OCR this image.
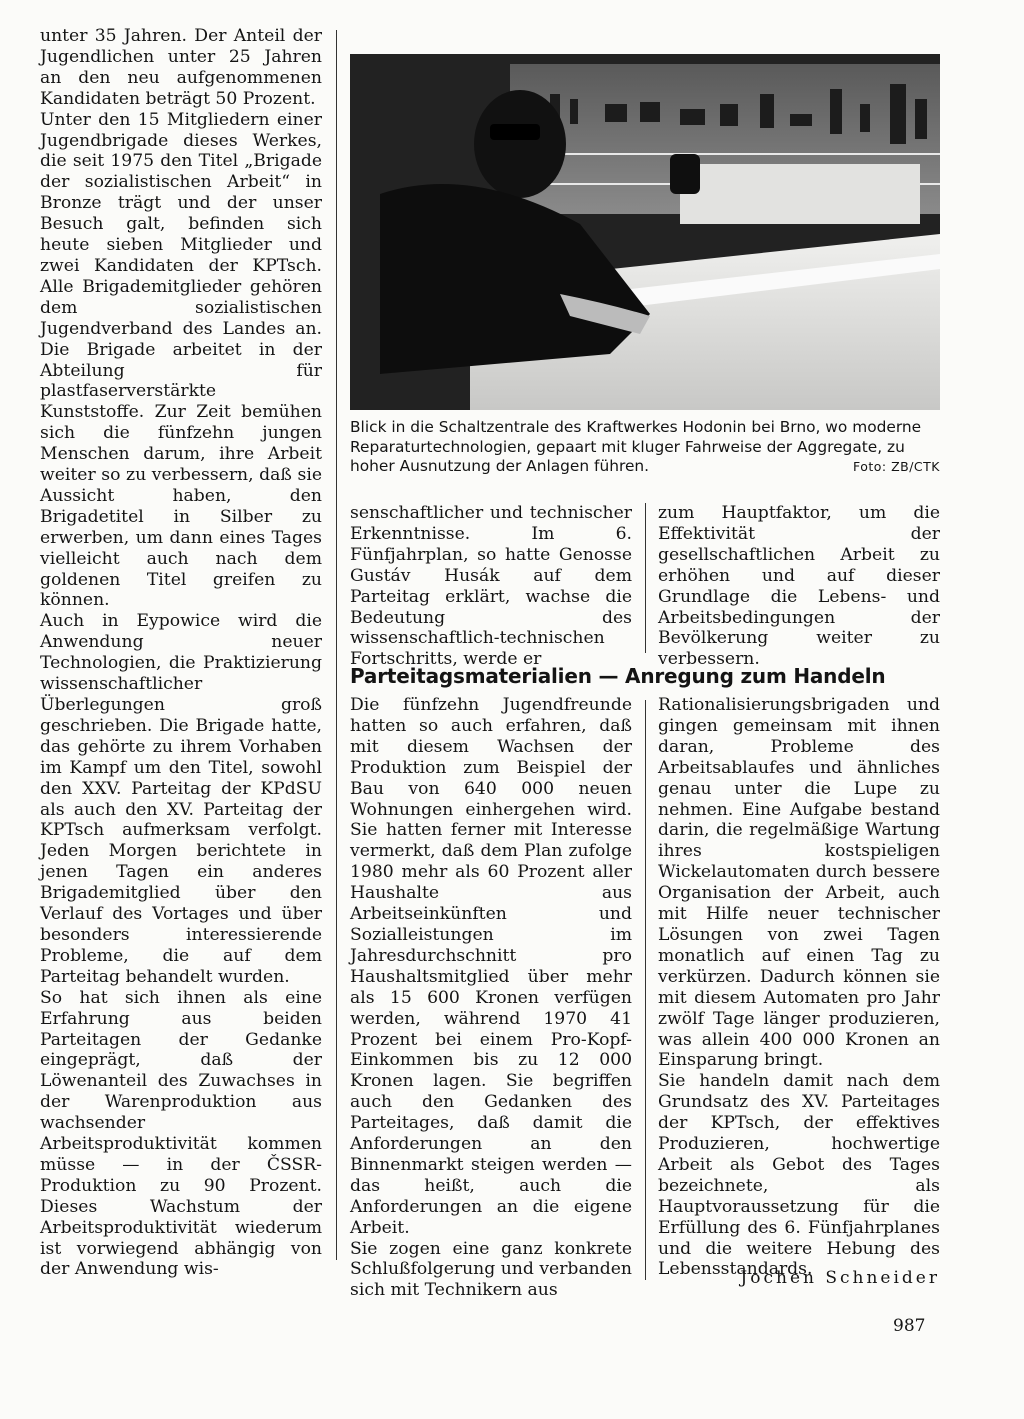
unter 35 Jahren. Der Anteil der Jugendlichen unter 25 Jahren an den neu aufgenommenen Kandidaten beträgt 50 Prozent.

Unter den 15 Mitgliedern einer Jugendbrigade dieses Werkes, die seit 1975 den Titel „Brigade der sozialistischen Arbeit“ in Bronze trägt und der unser Besuch galt, befinden sich heute sieben Mitglieder und zwei Kandidaten der KPTsch. Alle Brigademitglieder gehören dem sozialistischen Jugendverband des Landes an. Die Brigade arbeitet in der Abteilung für plastfaserverstärkte Kunststoffe. Zur Zeit bemühen sich die fünfzehn jungen Menschen darum, ihre Arbeit weiter so zu verbessern, daß sie Aussicht haben, den Brigadetitel in Silber zu erwerben, um dann eines Tages vielleicht auch nach dem goldenen Titel greifen zu können.

Auch in Eypowice wird die Anwendung neuer Technologien, die Praktizierung wissenschaftlicher Überlegungen groß geschrieben. Die Brigade hatte, das gehörte zu ihrem Vorhaben im Kampf um den Titel, sowohl den XXV. Parteitag der KPdSU als auch den XV. Parteitag der KPTsch aufmerksam verfolgt. Jeden Morgen berichtete in jenen Tagen ein anderes Brigademitglied über den Verlauf des Vortages und über besonders interessierende Probleme, die auf dem Parteitag behandelt wurden.

So hat sich ihnen als eine Erfahrung aus beiden Parteitagen der Gedanke eingeprägt, daß der Löwenanteil des Zuwachses in der Warenproduktion aus wachsender Arbeitsproduktivität kommen müsse — in der ČSSR-Produktion zu 90 Prozent. Dieses Wachstum der Arbeitsproduktivität wiederum ist vorwiegend abhängig von der Anwendung wis-

Blick in die Schaltzentrale des Kraftwerkes Hodonin bei Brno, wo moderne Reparaturtechnologien, gepaart mit kluger Fahrweise der Aggregate, zu hoher Ausnutzung der Anlagen führen.	Foto: ZB/CTK

senschaftlicher und technischer Erkenntnisse. Im 6. Fünfjahrplan, so hatte Genosse Gustáv Husák auf dem Parteitag erklärt, wachse die Bedeutung des wissenschaftlich-technischen Fortschritts, werde er

zum Hauptfaktor, um die Effektivität der gesellschaftlichen Arbeit zu erhöhen und auf dieser Grundlage die Lebens- und Arbeitsbedingungen der Bevölkerung weiter zu verbessern.

Parteitagsmaterialien — Anregung zum Handeln

Die fünfzehn Jugendfreunde hatten so auch erfahren, daß mit diesem Wachsen der Produktion zum Beispiel der Bau von 640 000 neuen Wohnungen einhergehen wird. Sie hatten ferner mit Interesse vermerkt, daß dem Plan zufolge 1980 mehr als 60 Prozent aller Haushalte aus Arbeitseinkünften und Sozialleistungen im Jahresdurchschnitt pro Haushaltsmitglied über mehr als 15 600 Kronen verfügen werden, während 1970 41 Prozent bei einem Pro-Kopf-Einkommen bis zu 12 000 Kronen lagen. Sie begriffen auch den Gedanken des Parteitages, daß damit die Anforderungen an den Binnenmarkt steigen werden — das heißt, auch die Anforderungen an die eigene Arbeit.

Sie zogen eine ganz konkrete Schlußfolgerung und verbanden sich mit Technikern aus

Rationalisierungsbrigaden und gingen gemeinsam mit ihnen daran, Probleme des Arbeitsablaufes und ähnliches genau unter die Lupe zu nehmen. Eine Aufgabe bestand darin, die regelmäßige Wartung ihres kostspieligen Wickelautomaten durch bessere Organisation der Arbeit, auch mit Hilfe neuer technischer Lösungen von zwei Tagen monatlich auf einen Tag zu verkürzen. Dadurch können sie mit diesem Automaten pro Jahr zwölf Tage länger produzieren, was allein 400 000 Kronen an Einsparung bringt.

Sie handeln damit nach dem Grundsatz des XV. Parteitages der KPTsch, der effektives Produzieren, hochwertige Arbeit als Gebot des Tages bezeichnete, als Hauptvoraussetzung für die Erfüllung des 6. Fünfjahrplanes und die weitere Hebung des Lebensstandards.

Jochen Schneider
987
